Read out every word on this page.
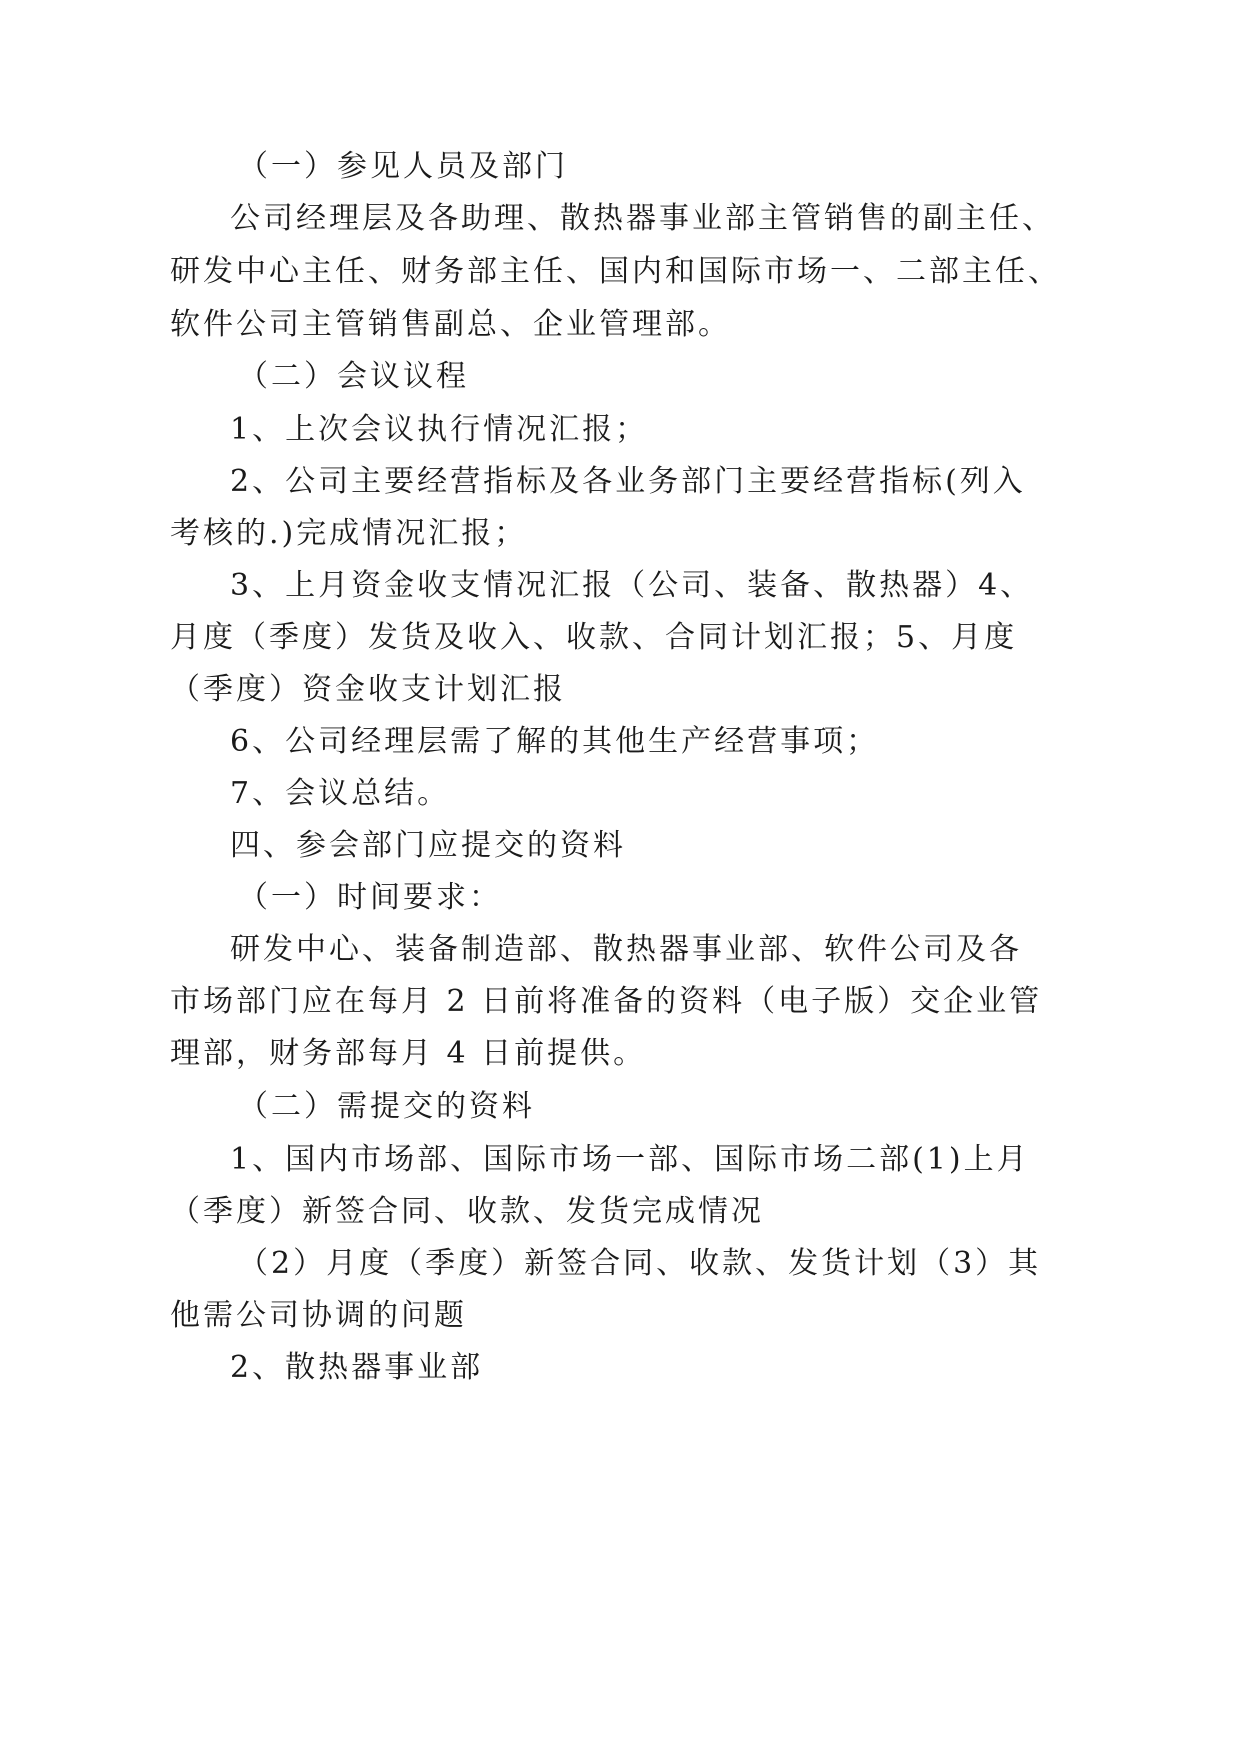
（一）参见人员及部门
公司经理层及各助理、散热器事业部主管销售的副主任、
研发中心主任、财务部主任、国内和国际市场一、二部主任、
软件公司主管销售副总、企业管理部。
（二）会议议程
1、上次会议执行情况汇报；
2、公司主要经营指标及各业务部门主要经营指标(列入
考核的.)完成情况汇报；
3、上月资金收支情况汇报（公司、装备、散热器）4、
月度（季度）发货及收入、收款、合同计划汇报；5、月度
（季度）资金收支计划汇报
6、公司经理层需了解的其他生产经营事项；
7、会议总结。
四、参会部门应提交的资料
（一）时间要求：
研发中心、装备制造部、散热器事业部、软件公司及各
市场部门应在每月 2 日前将准备的资料（电子版）交企业管
理部，财务部每月 4 日前提供。
（二）需提交的资料
1、国内市场部、国际市场一部、国际市场二部(1)上月
（季度）新签合同、收款、发货完成情况
（2）月度（季度）新签合同、收款、发货计划（3）其
他需公司协调的问题
2、散热器事业部
